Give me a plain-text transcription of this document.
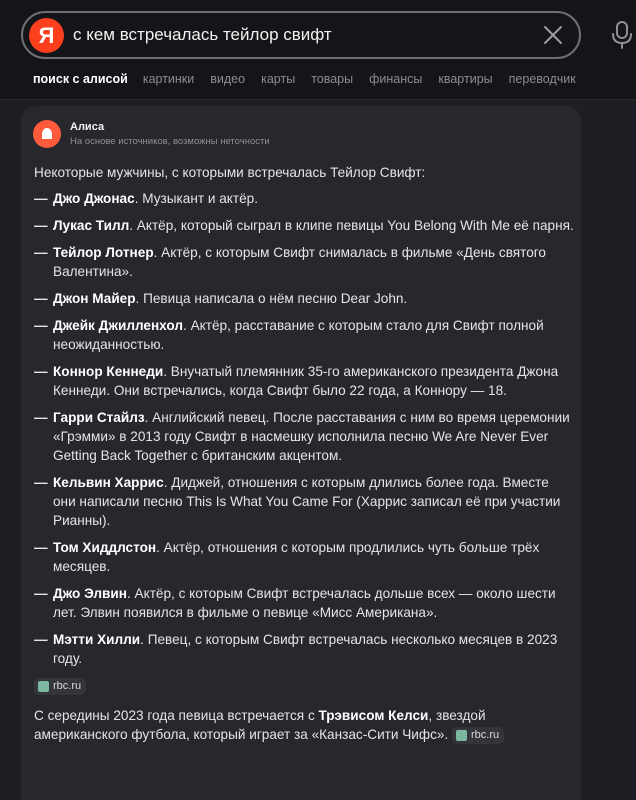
Я	с кем встречалась тейлор свифт
поиск с алисой картинки видео карты товары финансы квартиры переводчик
Алиса
На основе источников, возможны неточности
Некоторые мужчины, с которыми встречалась Тейлор Свифт:
— Джо Джонас. Музыкант и актёр.
— Лукас Тилл. Актёр, который сыграл в клипе певицы You Belong With Me её парня.
— Тейлор Лотнер. Актёр, с которым Свифт снималась в фильме «День святого Валентина».
— Джон Майер. Певица написала о нём песню Dear John.
— Джейк Джилленхол. Актёр, расставание с которым стало для Свифт полной неожиданностью.
— Коннор Кеннеди. Внучатый племянник 35-го американского президента Джона Кеннеди. Они встречались, когда Свифт было 22 года, а Коннору — 18.
— Гарри Стайлз. Английский певец. После расставания с ним во время церемонии «Грэмми» в 2013 году Свифт в насмешку исполнила песню We Are Never Ever Getting Back Together с британским акцентом.
— Кельвин Харрис. Диджей, отношения с которым длились более года. Вместе они написали песню This Is What You Came For (Харрис записал её при участии Рианны).
— Том Хиддлстон. Актёр, отношения с которым продлились чуть больше трёх месяцев.
— Джо Элвин. Актёр, с которым Свифт встречалась дольше всех — около шести лет. Элвин появился в фильме о певице «Мисс Американа».
— Мэтти Хилли. Певец, с которым Свифт встречалась несколько месяцев в 2023 году.
rbc.ru
С середины 2023 года певица встречается с Трэвисом Келси, звездой американского футбола, который играет за «Канзас-Сити Чифс». rbc.ru
